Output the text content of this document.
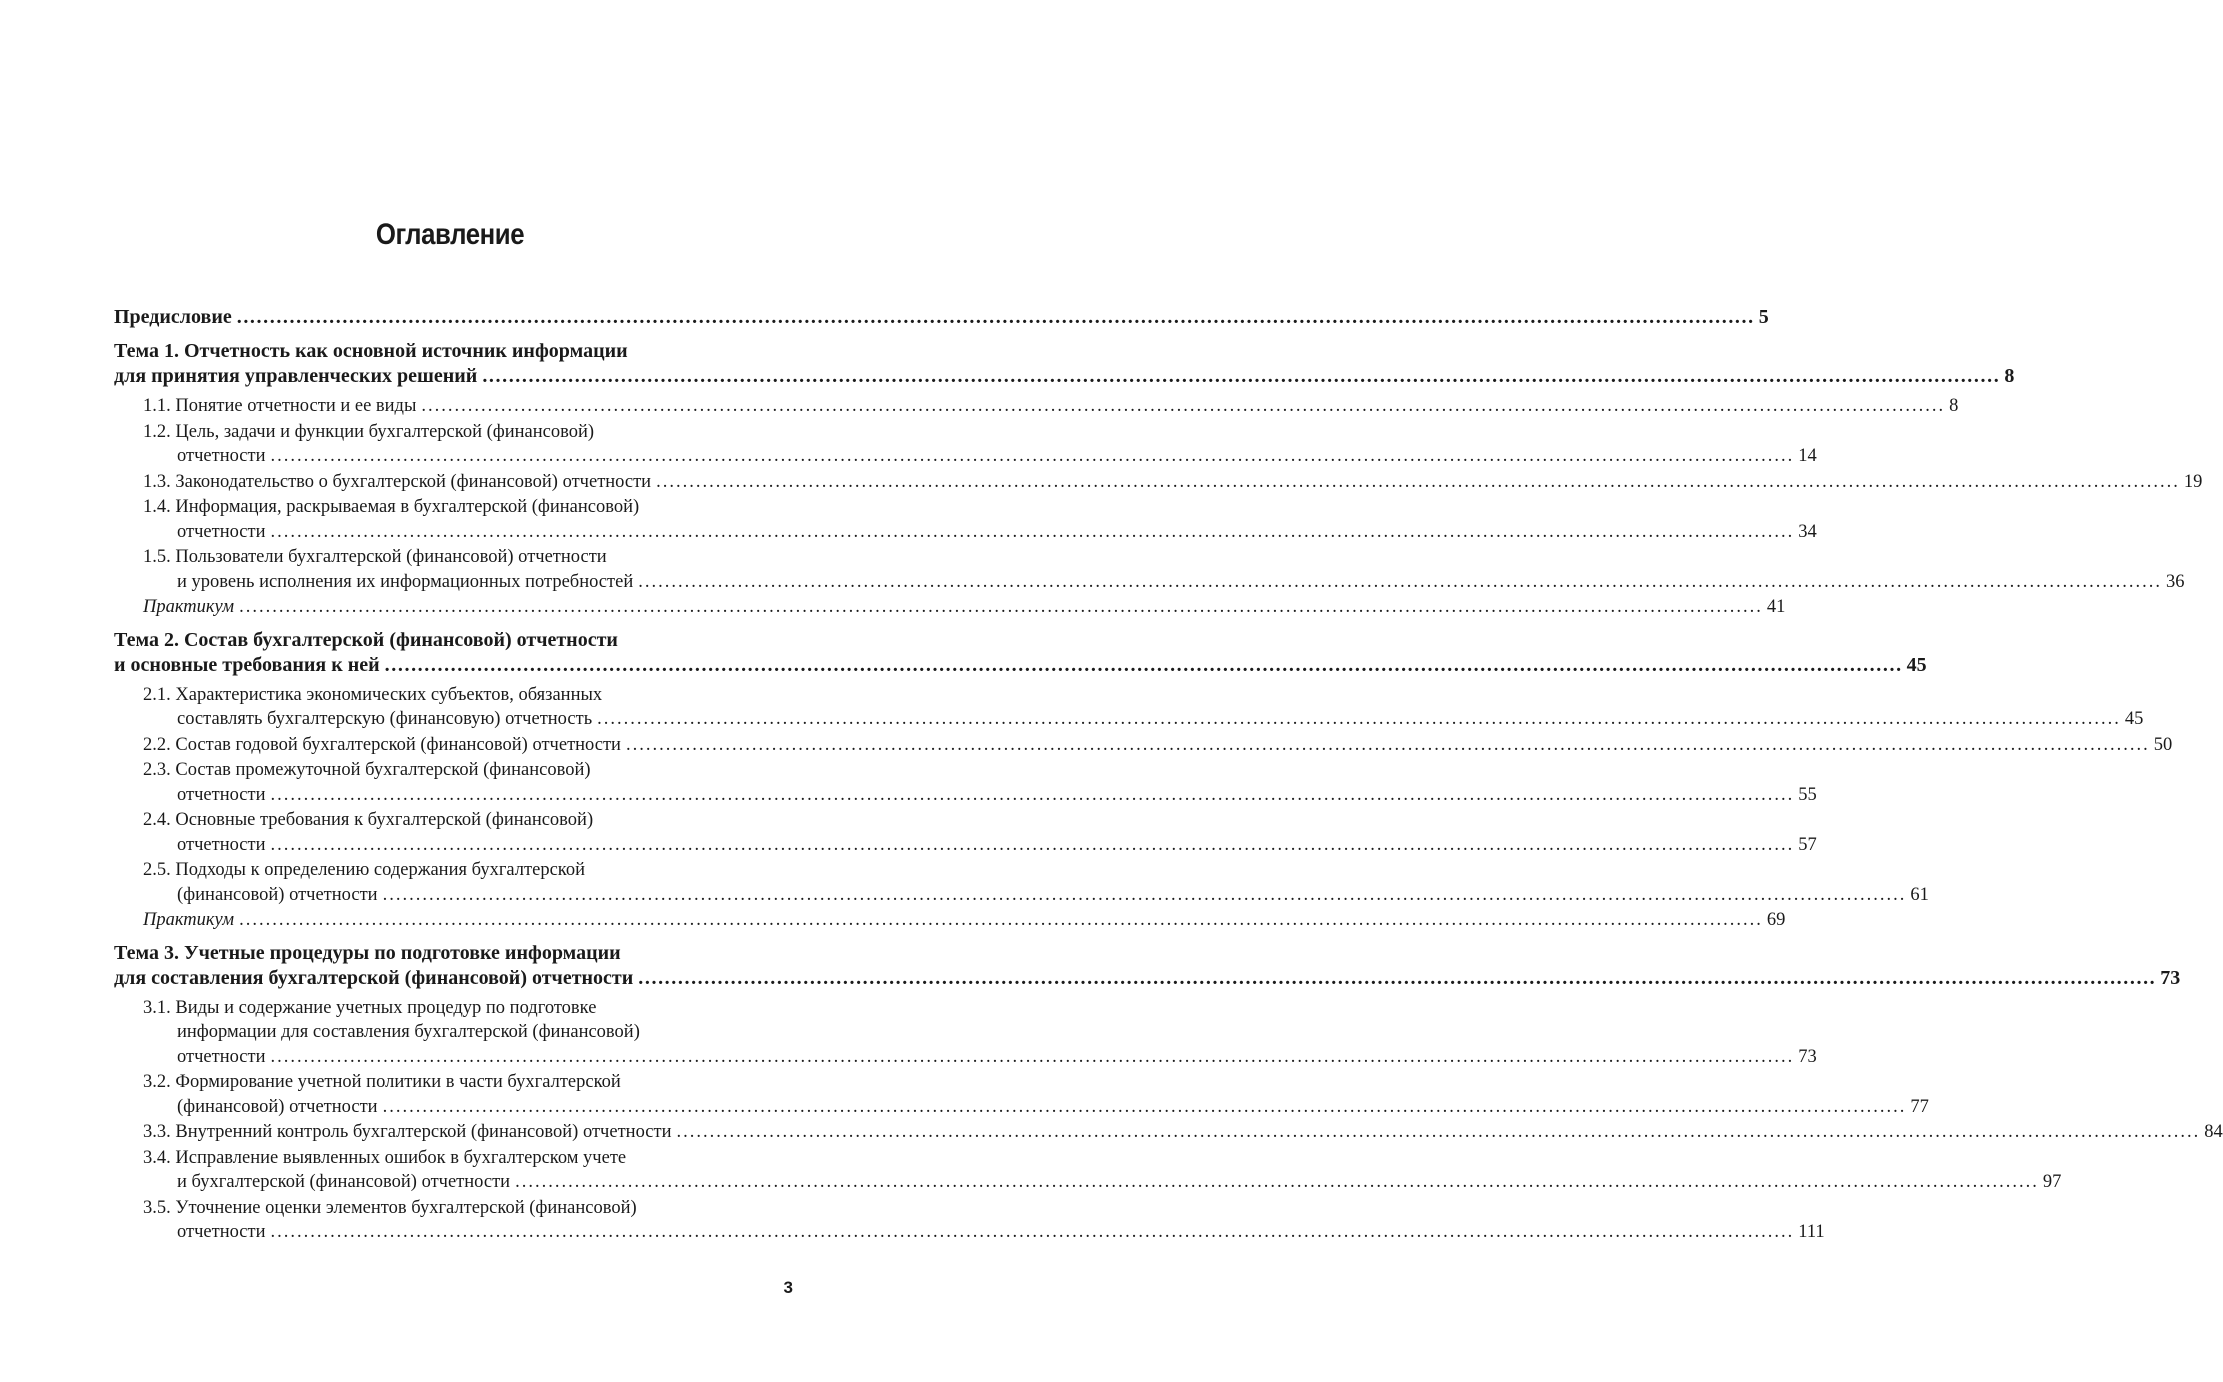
Оглавление
Предисловие .....	5
Тема 1. Отчетность как основной источник информации
для принятия управленческих решений .....	8
1.1. Понятие отчетности и ее виды .....	8
1.2. Цель, задачи и функции бухгалтерской (финансовой)
отчетности .....	14
1.3. Законодательство о бухгалтерской (финансовой) отчетности .....	19
1.4. Информация, раскрываемая в бухгалтерской (финансовой)
отчетности .....	34
1.5. Пользователи бухгалтерской (финансовой) отчетности
и уровень исполнения их информационных потребностей .....	36
Практикум .....	41
Тема 2. Состав бухгалтерской (финансовой) отчетности
и основные требования к ней .....	45
2.1. Характеристика экономических субъектов, обязанных
составлять бухгалтерскую (финансовую) отчетность .....	45
2.2. Состав годовой бухгалтерской (финансовой) отчетности .....	50
2.3. Состав промежуточной бухгалтерской (финансовой)
отчетности .....	55
2.4. Основные требования к бухгалтерской (финансовой)
отчетности .....	57
2.5. Подходы к определению содержания бухгалтерской
(финансовой) отчетности .....	61
Практикум .....	69
Тема 3. Учетные процедуры по подготовке информации
для составления бухгалтерской (финансовой) отчетности .....	73
3.1. Виды и содержание учетных процедур по подготовке
информации для составления бухгалтерской (финансовой)
отчетности .....	73
3.2. Формирование учетной политики в части бухгалтерской
(финансовой) отчетности .....	77
3.3. Внутренний контроль бухгалтерской (финансовой) отчетности .....	84
3.4. Исправление выявленных ошибок в бухгалтерском учете
и бухгалтерской (финансовой) отчетности .....	97
3.5. Уточнение оценки элементов бухгалтерской (финансовой)
отчетности .....	111
3
